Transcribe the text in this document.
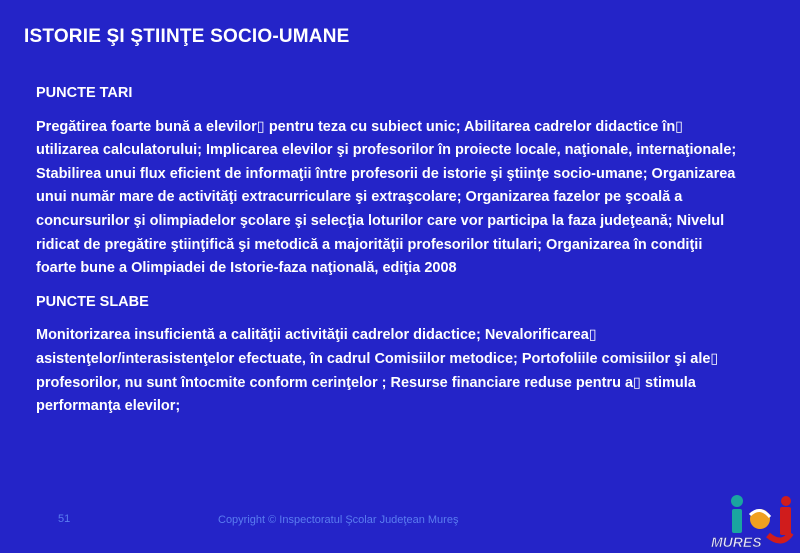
ISTORIE ŞI ŞTIINŢE SOCIO-UMANE
PUNCTE TARI
Pregătirea foarte bună a elevilor▯ pentru teza cu subiect unic; Abilitarea cadrelor didactice în▯ utilizarea calculatorului; Implicarea elevilor şi profesorilor în proiecte locale, naţionale, internaţionale; Stabilirea unui flux eficient de informaţii între profesorii de istorie şi ştiinţe socio-umane; Organizarea unui număr mare de activităţi extracurriculare şi extraşcolare; Organizarea fazelor pe şcoală a concursurilor şi olimpiadelor şcolare şi selecţia loturilor care vor participa la faza judeţeană; Nivelul ridicat de pregătire ştiinţifică şi metodică a majorităţii profesorilor titulari; Organizarea în condiţii foarte bune a Olimpiadei de Istorie-faza naţională, ediţia 2008
PUNCTE SLABE
Monitorizarea insuficientă a calităţii activităţii cadrelor didactice; Nevalorificarea▯ asistenţelor/interasistenţelor efectuate, în cadrul Comisiilor metodice; Portofoliile comisiilor şi ale▯ profesorilor, nu sunt întocmite conform cerinţelor ; Resurse financiare reduse pentru a▯ stimula performanţa elevilor;
51	Copyright © Inspectoratul Şcolar Judeţean Mureş
MURES
